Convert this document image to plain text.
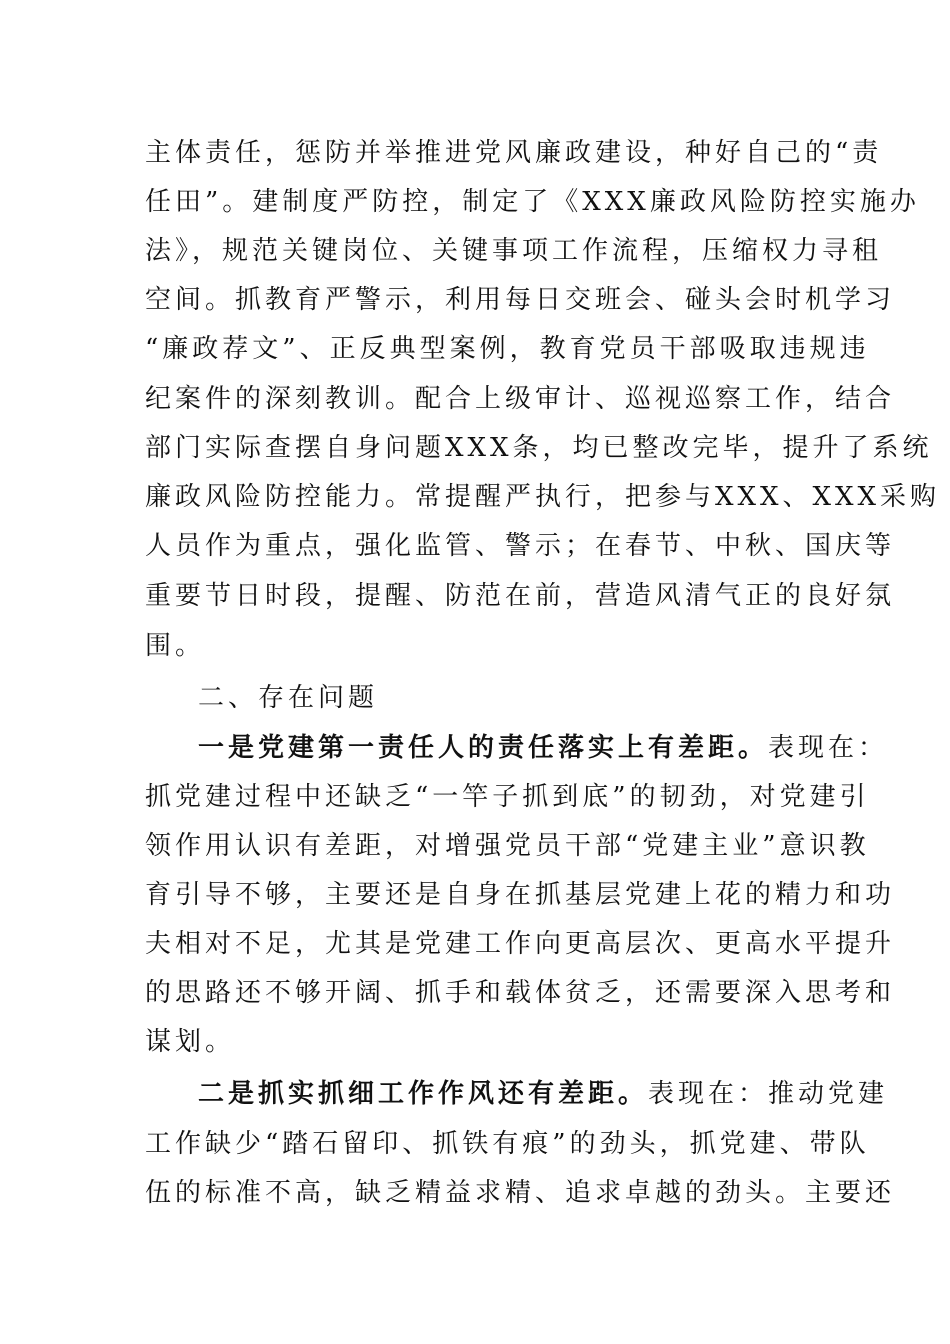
主体责任，惩防并举推进党风廉政建设，种好自己的“责
任田”。建制度严防控，制定了《XXX廉政风险防控实施办
法》，规范关键岗位、关键事项工作流程，压缩权力寻租
空间。抓教育严警示，利用每日交班会、碰头会时机学习
“廉政荐文”、正反典型案例，教育党员干部吸取违规违
纪案件的深刻教训。配合上级审计、巡视巡察工作，结合
部门实际查摆自身问题XXX条，均已整改完毕，提升了系统
廉政风险防控能力。常提醒严执行，把参与XXX、XXX采购
人员作为重点，强化监管、警示；在春节、中秋、国庆等
重要节日时段，提醒、防范在前，营造风清气正的良好氛
围。
二、存在问题
一是党建第一责任人的责任落实上有差距。表现在：
抓党建过程中还缺乏“一竿子抓到底”的韧劲，对党建引
领作用认识有差距，对增强党员干部“党建主业”意识教
育引导不够，主要还是自身在抓基层党建上花的精力和功
夫相对不足，尤其是党建工作向更高层次、更高水平提升
的思路还不够开阔、抓手和载体贫乏，还需要深入思考和
谋划。
二是抓实抓细工作作风还有差距。表现在：推动党建
工作缺少“踏石留印、抓铁有痕”的劲头，抓党建、带队
伍的标准不高，缺乏精益求精、追求卓越的劲头。主要还
